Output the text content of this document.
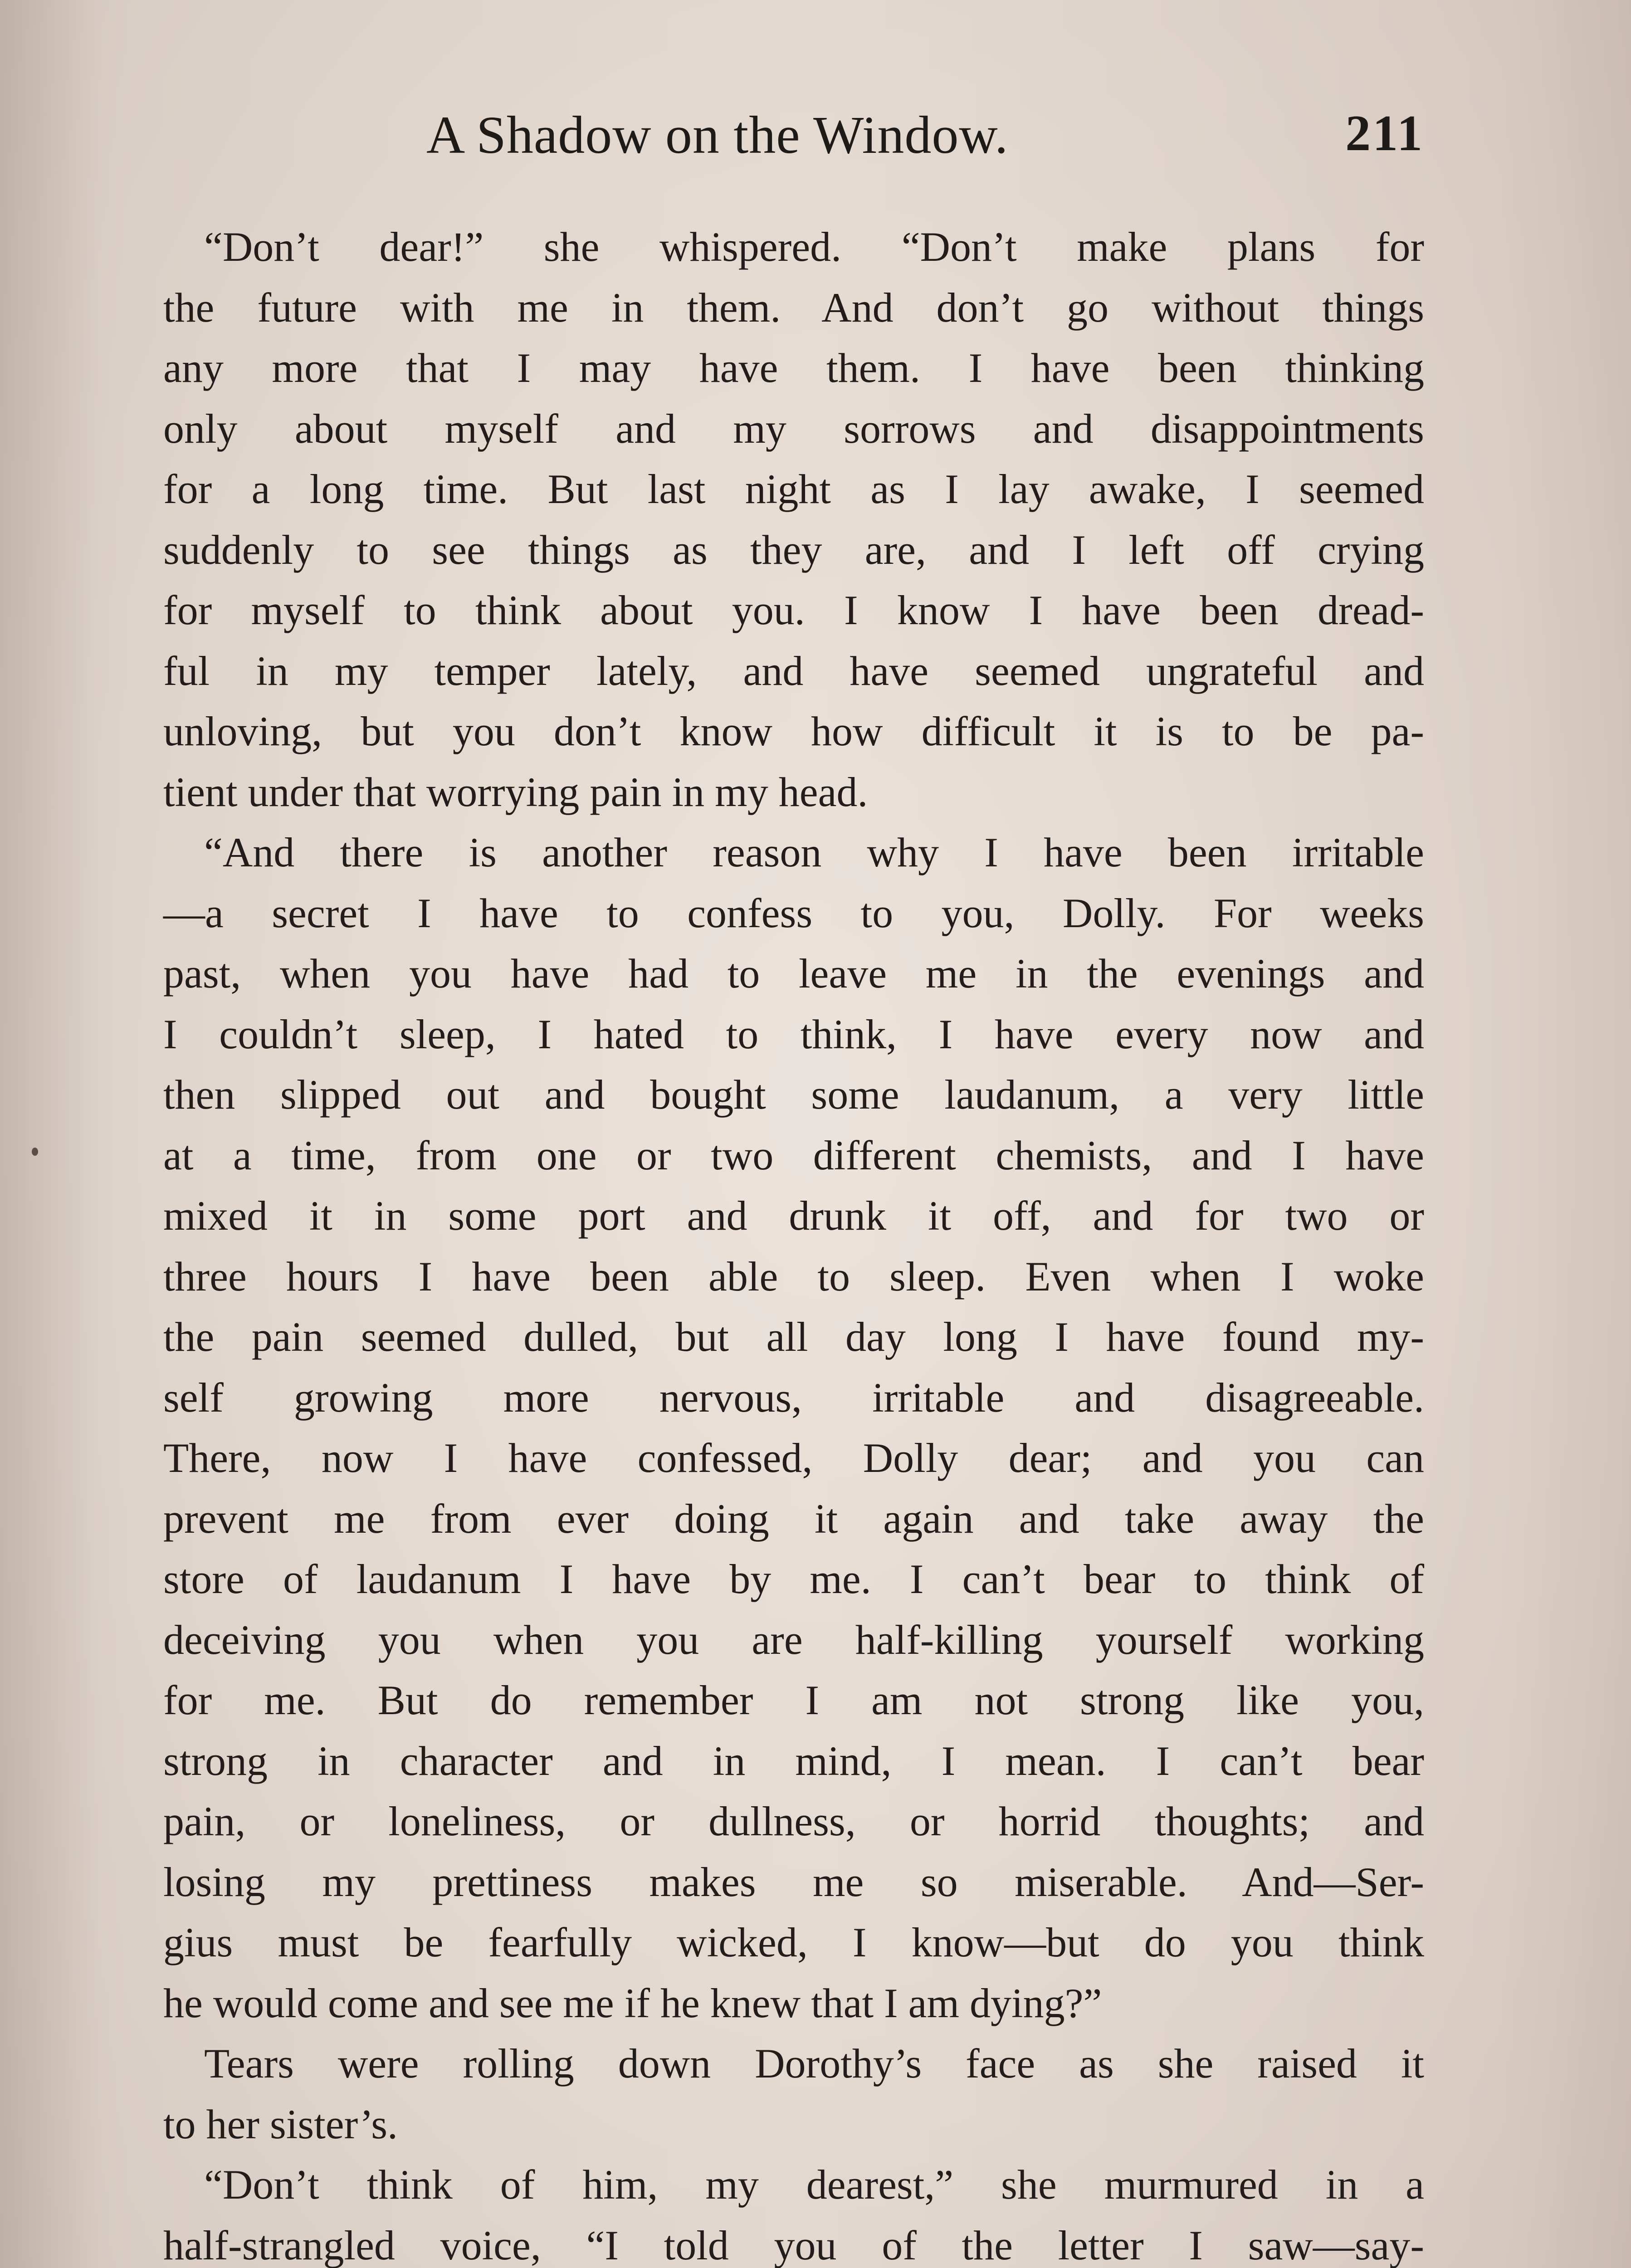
A Shadow on the Window.	211
“Don’t dear!” she whispered. “Don’t make plans for
the future with me in them. And don’t go without things
any more that I may have them. I have been thinking
only about myself and my sorrows and disappointments
for a long time. But last night as I lay awake, I seemed
suddenly to see things as they are, and I left off crying
for myself to think about you. I know I have been dread-
ful in my temper lately, and have seemed ungrateful and
unloving, but you don’t know how difficult it is to be pa-
tient under that worrying pain in my head.
“And there is another reason why I have been irritable
—a secret I have to confess to you, Dolly. For weeks
past, when you have had to leave me in the evenings and
I couldn’t sleep, I hated to think, I have every now and
then slipped out and bought some laudanum, a very little
at a time, from one or two different chemists, and I have
mixed it in some port and drunk it off, and for two or
three hours I have been able to sleep. Even when I woke
the pain seemed dulled, but all day long I have found my-
self growing more nervous, irritable and disagreeable.
There, now I have confessed, Dolly dear; and you can
prevent me from ever doing it again and take away the
store of laudanum I have by me. I can’t bear to think of
deceiving you when you are half-killing yourself working
for me. But do remember I am not strong like you,
strong in character and in mind, I mean. I can’t bear
pain, or loneliness, or dullness, or horrid thoughts; and
losing my prettiness makes me so miserable. And—Ser-
gius must be fearfully wicked, I know—but do you think
he would come and see me if he knew that I am dying?”
Tears were rolling down Dorothy’s face as she raised it
to her sister’s.
“Don’t think of him, my dearest,” she murmured in a
half-strangled voice, “I told you of the letter I saw—say-
